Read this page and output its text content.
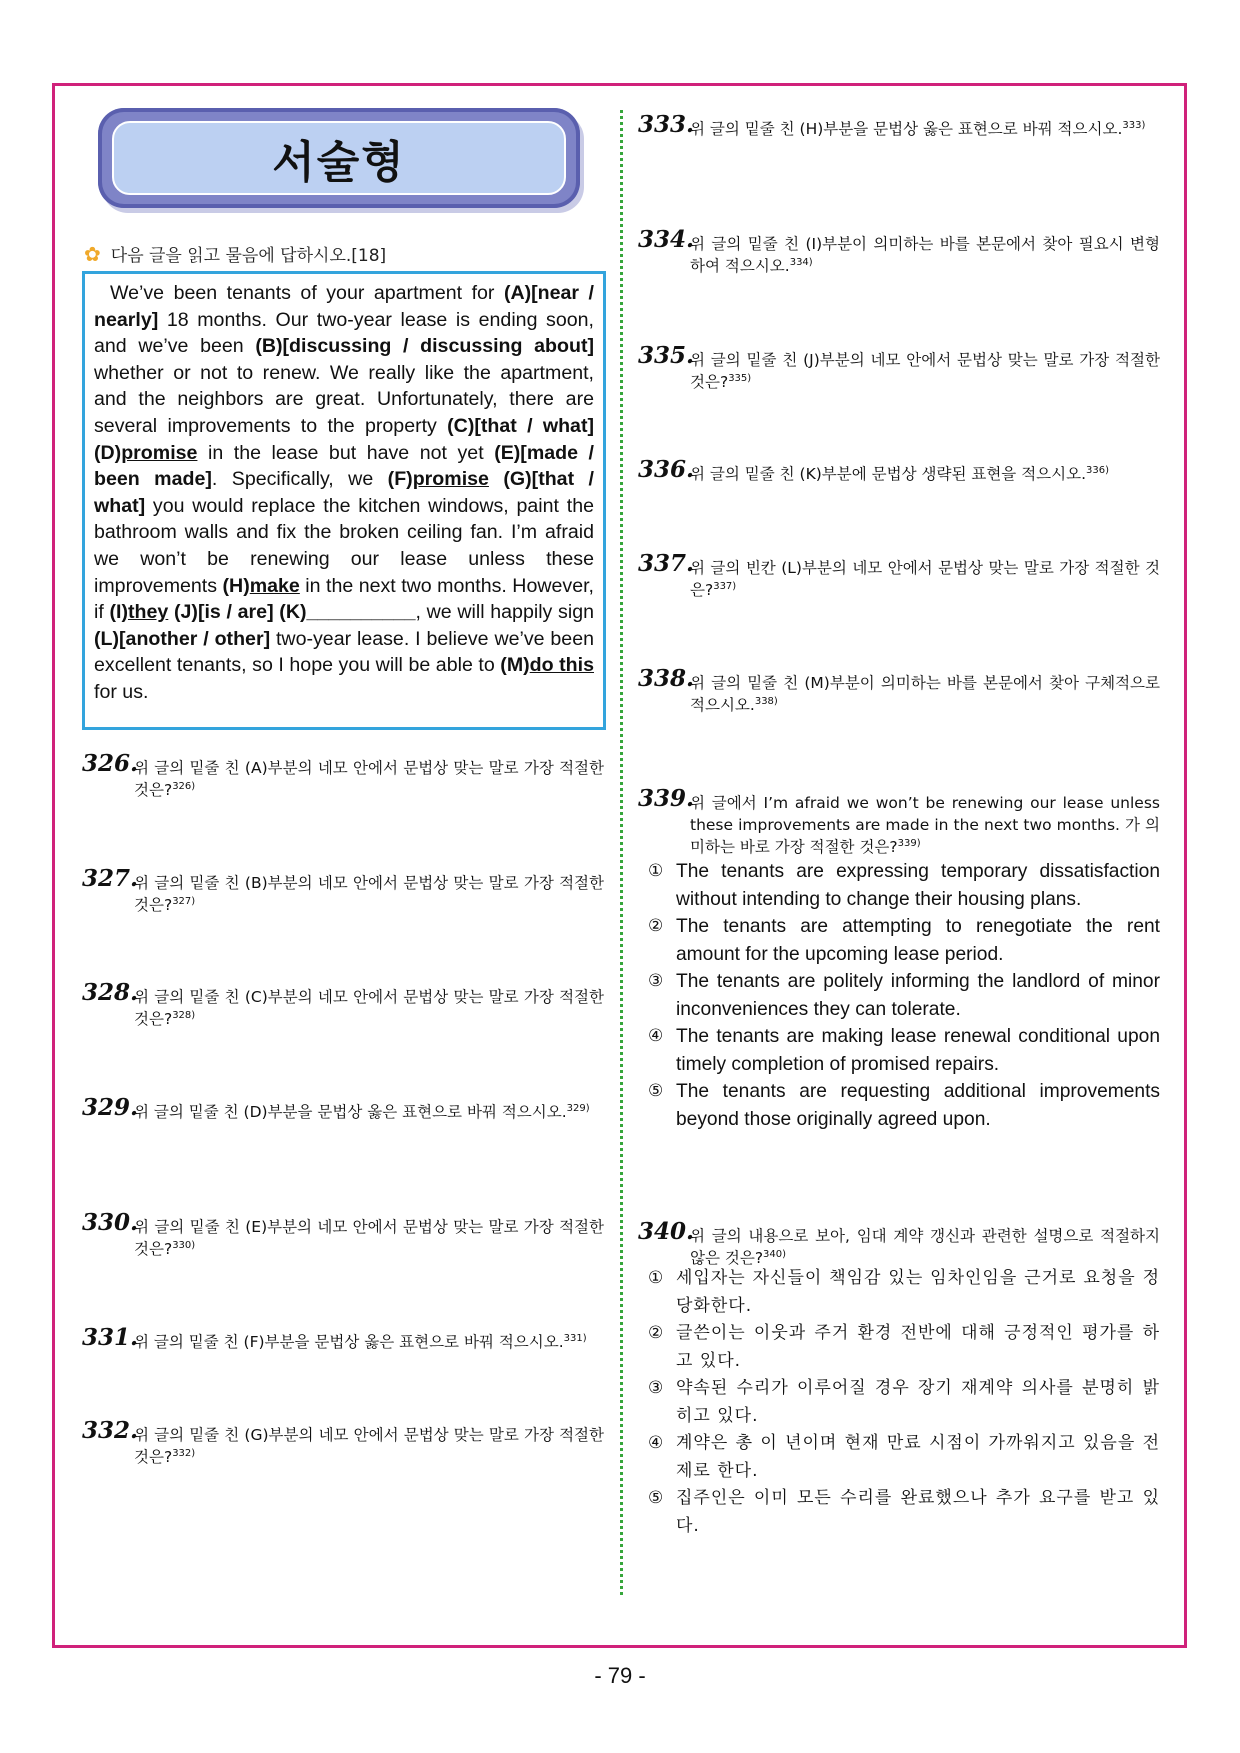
서술형
✿ 다음 글을 읽고 물음에 답하시오.[18]

We’ve been tenants of your apartment for (A)[near / nearly] 18 months. Our two-year lease is ending soon, and we’ve been (B)[discussing / discussing about] whether or not to renew. We really like the apartment, and the neighbors are great. Unfortunately, there are several improvements to the property (C)[that / what] (D)promise in the lease but have not yet (E)[made / been made]. Specifically, we (F)promise (G)[that / what] you would replace the kitchen windows, paint the bathroom walls and fix the broken ceiling fan. I’m afraid we won’t be renewing our lease unless these improvements (H)make in the next two months. However, if (I)they (J)[is / are] (K)__________, we will happily sign (L)[another / other] two-year lease. I believe we’ve been excellent tenants, so I hope you will be able to (M)do this for us.

326 . 위 글의 밑줄 친 (A)부분의 네모 안에서 문법상 맞는 말로 가장 적절한 것은?$^{326)}$
327 . 위 글의 밑줄 친 (B)부분의 네모 안에서 문법상 맞는 말로 가장 적절한 것은?$^{327)}$
328 . 위 글의 밑줄 친 (C)부분의 네모 안에서 문법상 맞는 말로 가장 적절한 것은?$^{328)}$
329 . 위 글의 밑줄 친 (D)부분을 문법상 옳은 표현으로 바꿔 적으시오.$^{329)}$
330 . 위 글의 밑줄 친 (E)부분의 네모 안에서 문법상 맞는 말로 가장 적절한 것은?$^{330)}$
331 . 위 글의 밑줄 친 (F)부분을 문법상 옳은 표현으로 바꿔 적으시오.$^{331)}$
332 . 위 글의 밑줄 친 (G)부분의 네모 안에서 문법상 맞는 말로 가장 적절한 것은?$^{332)}$
333 . 위 글의 밑줄 친 (H)부분을 문법상 옳은 표현으로 바꿔 적으시오.$^{333)}$
334 . 위 글의 밑줄 친 (I)부분이 의미하는 바를 본문에서 찾아 필요시 변형하여 적으시오.$^{334)}$
335 . 위 글의 밑줄 친 (J)부분의 네모 안에서 문법상 맞는 말로 가장 적절한 것은?$^{335)}$
336 . 위 글의 밑줄 친 (K)부분에 문법상 생략된 표현을 적으시오.$^{336)}$
337 . 위 글의 빈칸 (L)부분의 네모 안에서 문법상 맞는 말로 가장 적절한 것은?$^{337)}$
338 . 위 글의 밑줄 친 (M)부분이 의미하는 바를 본문에서 찾아 구체적으로 적으시오.$^{338)}$
339 . 위 글에서 I’m afraid we won’t be renewing our lease unless these improvements are made in the next two months. 가 의미하는 바로 가장 적절한 것은?$^{339)}$
① The tenants are expressing temporary dissatisfaction without intending to change their housing plans.
② The tenants are attempting to renegotiate the rent amount for the upcoming lease period.
③ The tenants are politely informing the landlord of minor inconveniences they can tolerate.
④ The tenants are making lease renewal conditional upon timely completion of promised repairs.
⑤ The tenants are requesting additional improvements beyond those originally agreed upon.
340 . 위 글의 내용으로 보아, 임대 계약 갱신과 관련한 설명으로 적절하지 않은 것은?$^{340)}$
① 세입자는 자신들이 책임감 있는 임차인임을 근거로 요청을 정당화한다.
② 글쓴이는 이웃과 주거 환경 전반에 대해 긍정적인 평가를 하고 있다.
③ 약속된 수리가 이루어질 경우 장기 재계약 의사를 분명히 밝히고 있다.
④ 계약은 총 이 년이며 현재 만료 시점이 가까워지고 있음을 전제로 한다.
⑤ 집주인은 이미 모든 수리를 완료했으나 추가 요구를 받고 있다.
- 79 -
